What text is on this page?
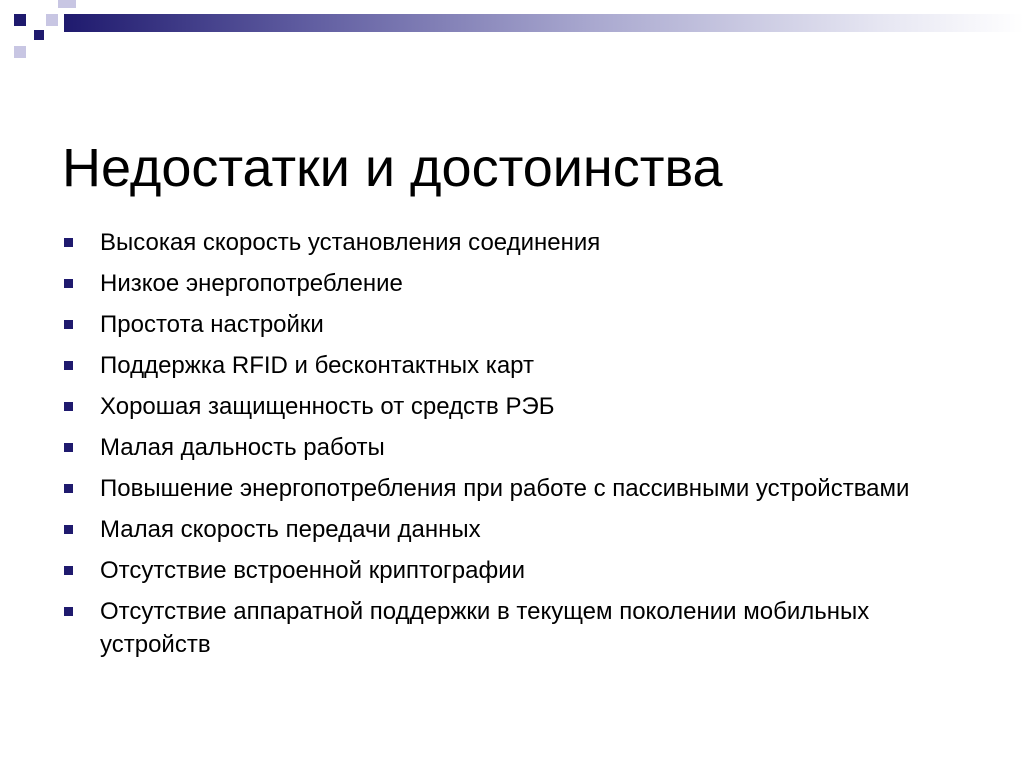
Недостатки и достоинства
Высокая скорость установления соединения
Низкое энергопотребление
Простота настройки
Поддержка RFID и бесконтактных карт
Хорошая защищенность от средств РЭБ
Малая дальность работы
Повышение энергопотребления при работе с пассивными устройствами
Малая скорость передачи данных
Отсутствие встроенной криптографии
Отсутствие аппаратной поддержки в текущем поколении мобильных устройств
